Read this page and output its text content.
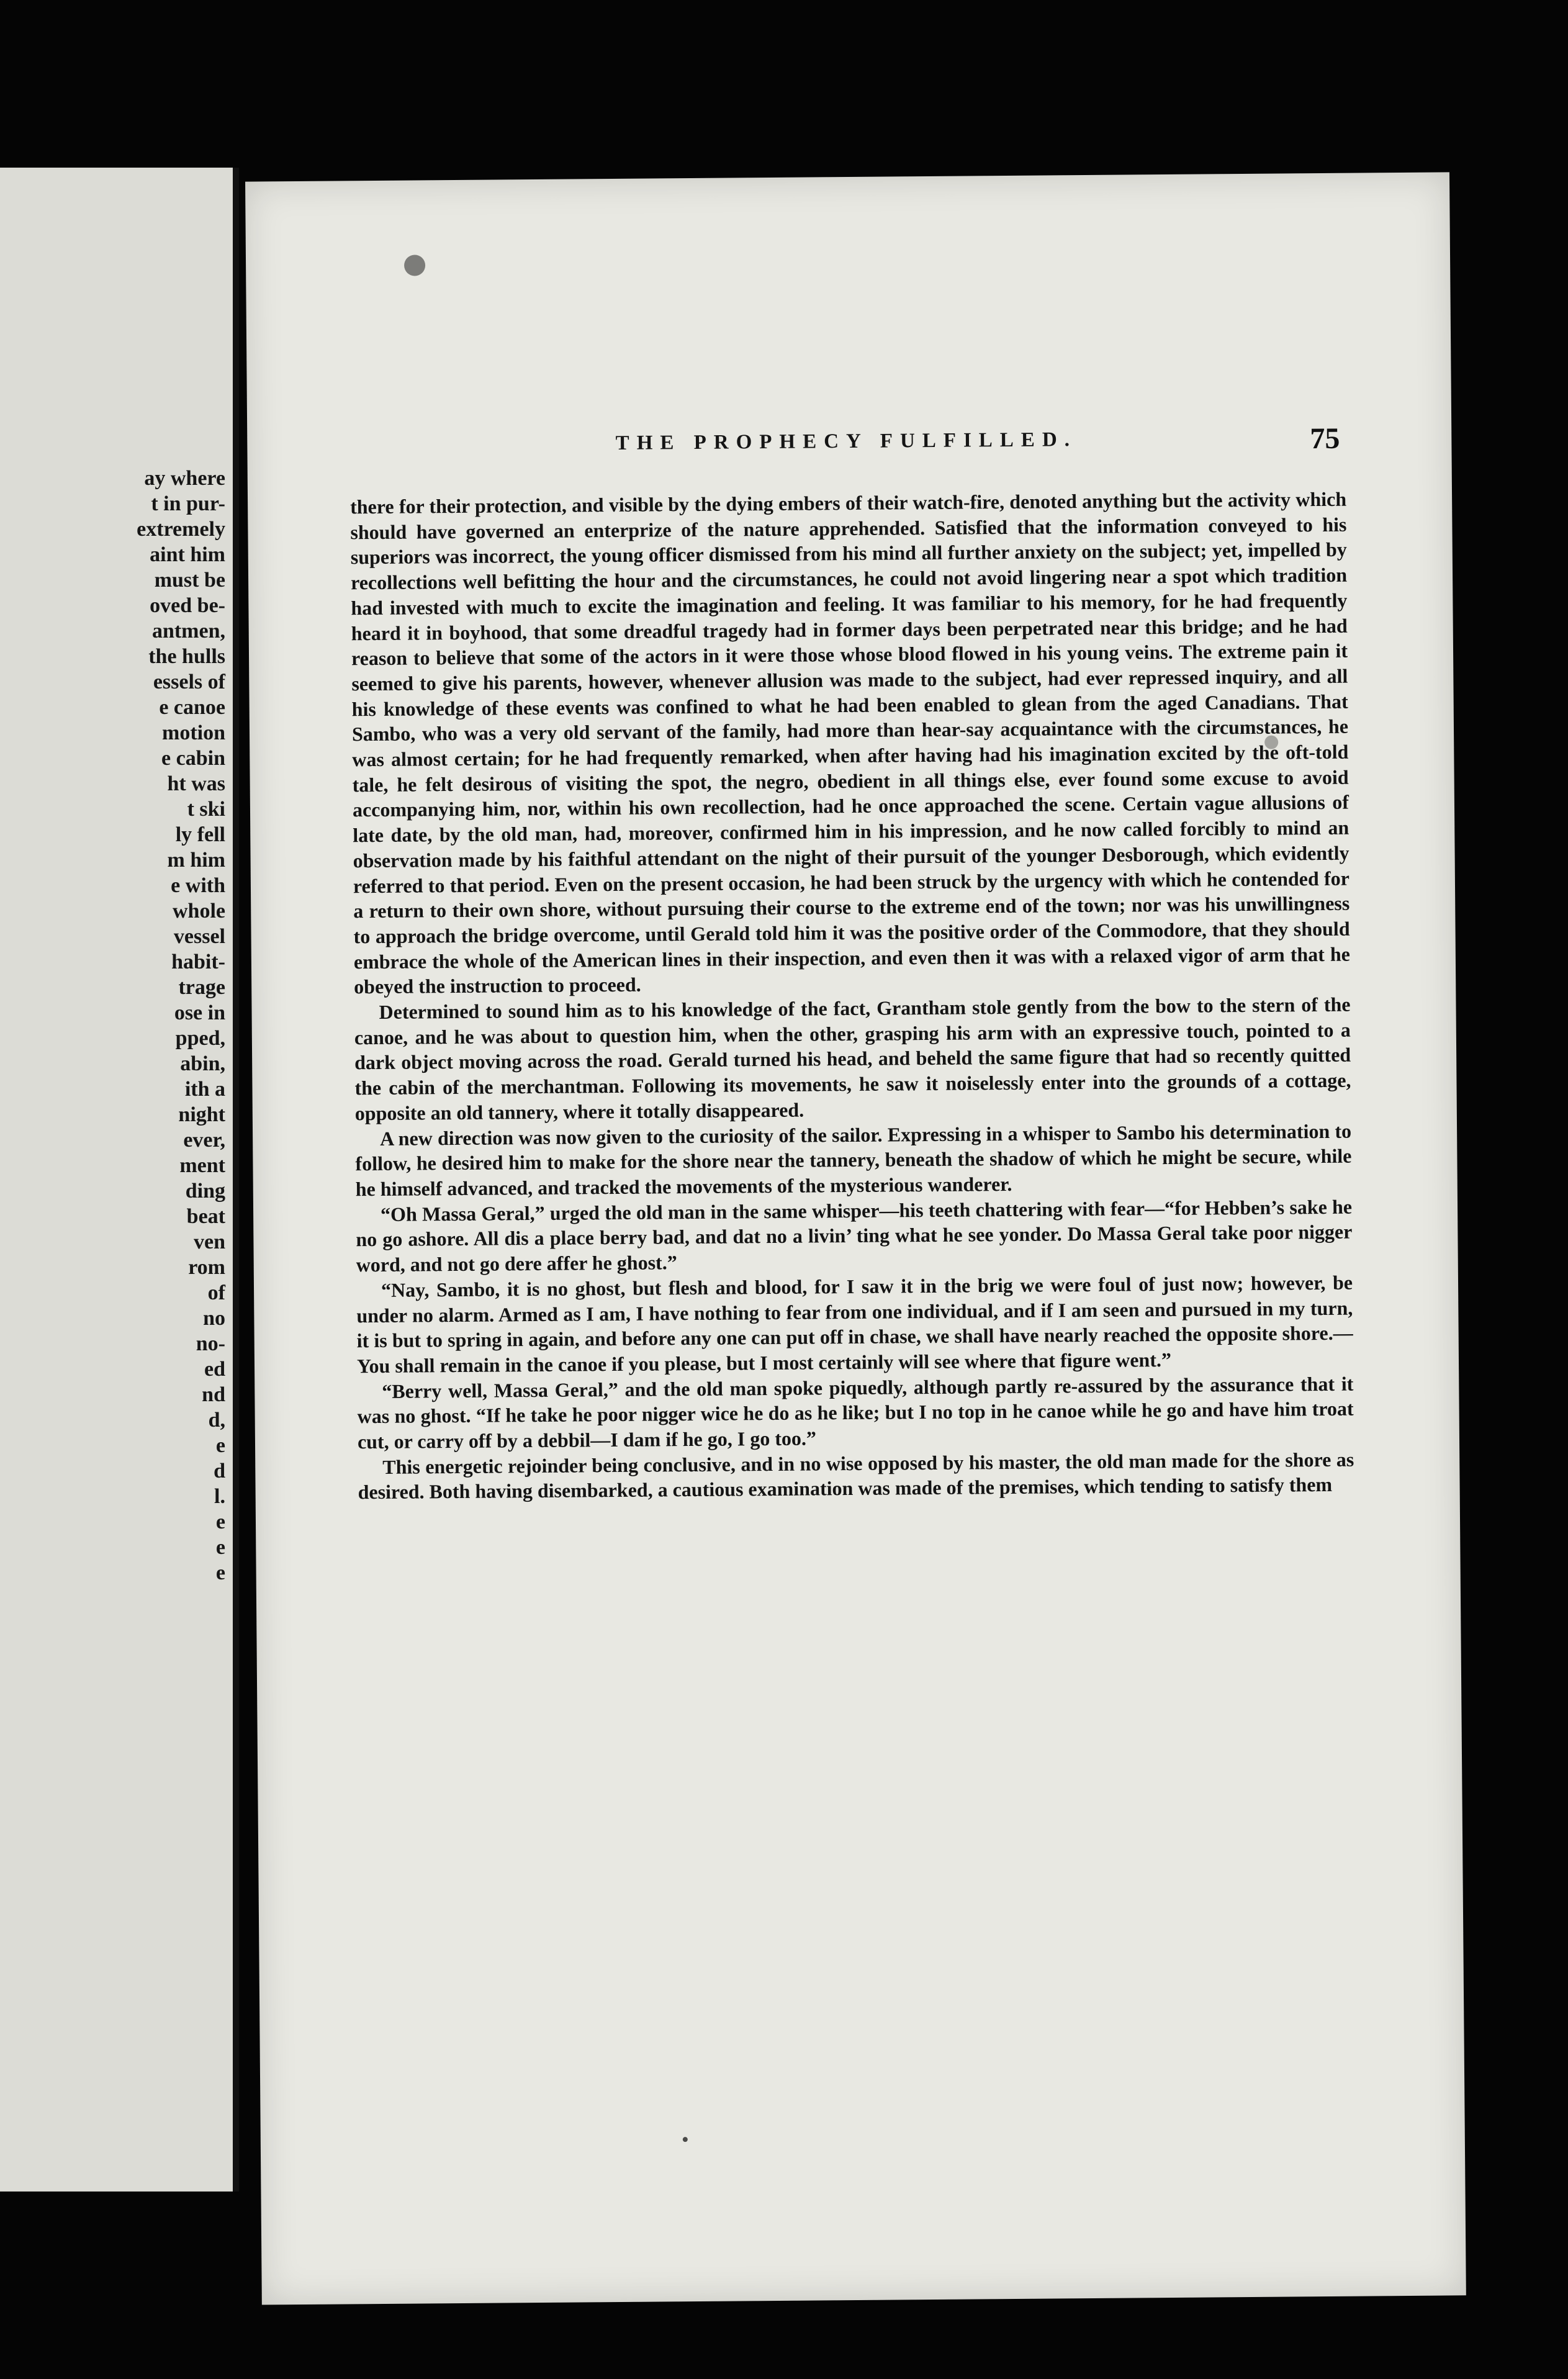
ay where
t in pur-
extremely
aint him
must be
oved be-
antmen,
the hulls
essels of
e canoe
motion
e cabin
ht was
t ski
ly fell
m him
e with
whole
vessel
habit-
trage
ose in
pped,
abin,
ith a
night
ever,
ment
ding
beat
ven
rom
of
no
no-
ed
nd
d,
e
d
l.
e
e
e
THE PROPHECY FULFILLED.	75

there for their protection, and visible by the dying embers of their watch-fire, denoted anything but the activity which should have governed an enterprize of the nature apprehended. Satisfied that the information conveyed to his superiors was incorrect, the young officer dismissed from his mind all further anxiety on the subject; yet, impelled by recollections well befitting the hour and the circumstances, he could not avoid lingering near a spot which tradition had invested with much to excite the imagination and feeling. It was familiar to his memory, for he had frequently heard it in boyhood, that some dreadful tragedy had in former days been perpetrated near this bridge; and he had reason to believe that some of the actors in it were those whose blood flowed in his young veins. The extreme pain it seemed to give his parents, however, whenever allusion was made to the subject, had ever repressed inquiry, and all his knowledge of these events was confined to what he had been enabled to glean from the aged Canadians. That Sambo, who was a very old servant of the family, had more than hear-say acquaintance with the circumstances, he was almost certain; for he had frequently remarked, when after having had his imagination excited by the oft-told tale, he felt desirous of visiting the spot, the negro, obedient in all things else, ever found some excuse to avoid accompanying him, nor, within his own recollection, had he once approached the scene. Certain vague allusions of late date, by the old man, had, moreover, confirmed him in his impression, and he now called forcibly to mind an observation made by his faithful attendant on the night of their pursuit of the younger Desborough, which evidently referred to that period. Even on the present occasion, he had been struck by the urgency with which he contended for a return to their own shore, without pursuing their course to the extreme end of the town; nor was his unwillingness to approach the bridge overcome, until Gerald told him it was the positive order of the Commodore, that they should embrace the whole of the American lines in their inspection, and even then it was with a relaxed vigor of arm that he obeyed the instruction to proceed.

Determined to sound him as to his knowledge of the fact, Grantham stole gently from the bow to the stern of the canoe, and he was about to question him, when the other, grasping his arm with an expressive touch, pointed to a dark object moving across the road. Gerald turned his head, and beheld the same figure that had so recently quitted the cabin of the merchantman. Following its movements, he saw it noiselessly enter into the grounds of a cottage, opposite an old tannery, where it totally disappeared.

A new direction was now given to the curiosity of the sailor. Expressing in a whisper to Sambo his determination to follow, he desired him to make for the shore near the tannery, beneath the shadow of which he might be secure, while he himself advanced, and tracked the movements of the mysterious wanderer.

“Oh Massa Geral,” urged the old man in the same whisper—his teeth chattering with fear—“for Hebben’s sake he no go ashore. All dis a place berry bad, and dat no a livin’ ting what he see yonder. Do Massa Geral take poor nigger word, and not go dere affer he ghost.”

“Nay, Sambo, it is no ghost, but flesh and blood, for I saw it in the brig we were foul of just now; however, be under no alarm. Armed as I am, I have nothing to fear from one individual, and if I am seen and pursued in my turn, it is but to spring in again, and before any one can put off in chase, we shall have nearly reached the opposite shore.—You shall remain in the canoe if you please, but I most certainly will see where that figure went.”

“Berry well, Massa Geral,” and the old man spoke piquedly, although partly re-assured by the assurance that it was no ghost. “If he take he poor nigger wice he do as he like; but I no top in he canoe while he go and have him troat cut, or carry off by a debbil—I dam if he go, I go too.”

This energetic rejoinder being conclusive, and in no wise opposed by his master, the old man made for the shore as desired. Both having disembarked, a cautious examination was made of the premises, which tending to satisfy them
